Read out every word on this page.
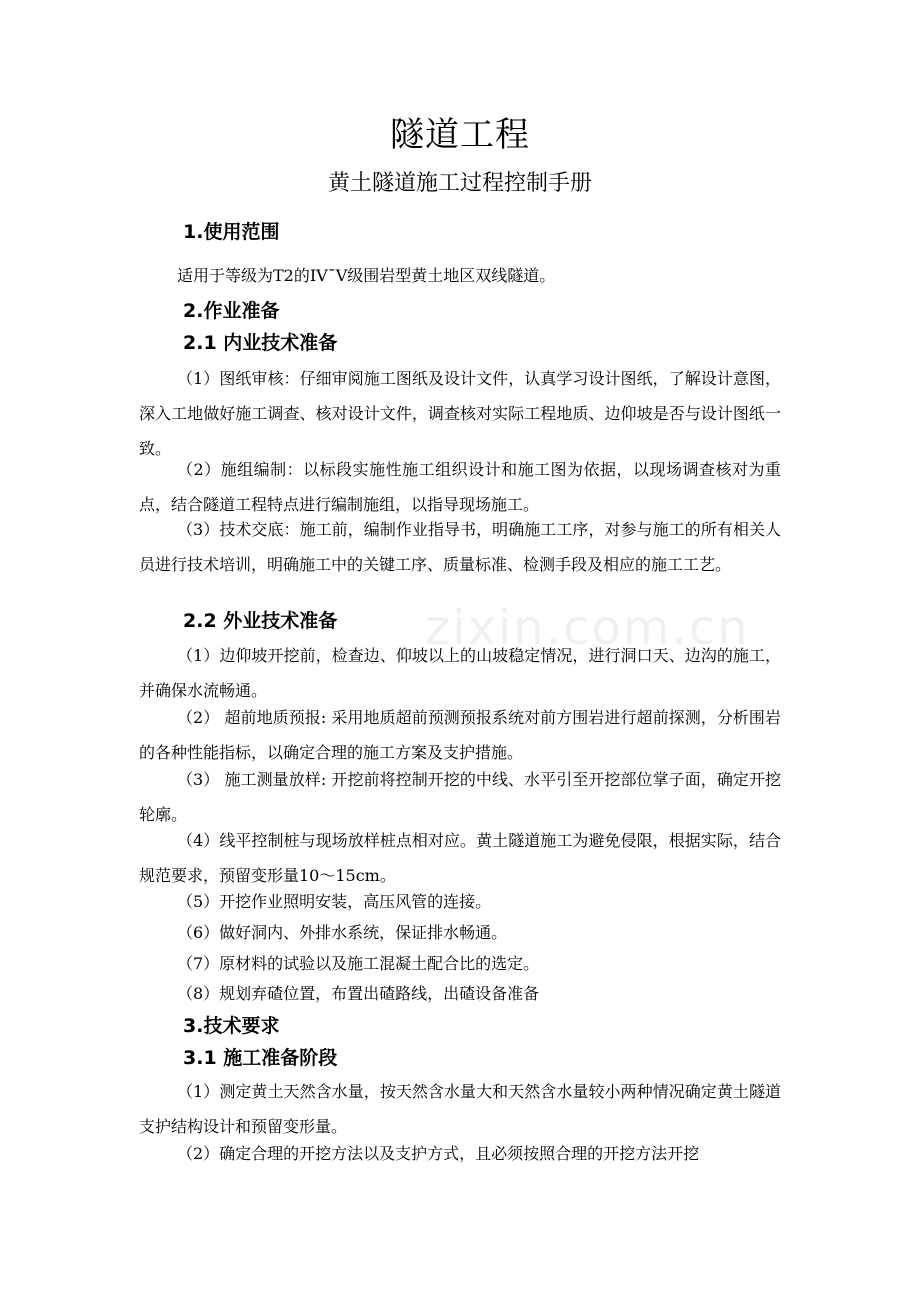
隧道工程
黄土隧道施工过程控制手册
1.使用范围

适用于等级为T2的IV¯V级围岩型黄土地区双线隧道。

2.作业准备
2.1 内业技术准备

（1）图纸审核：仔细审阅施工图纸及设计文件，认真学习设计图纸，了解设计意图，深入工地做好施工调查、核对设计文件，调查核对实际工程地质、边仰坡是否与设计图纸一致。

（2）施组编制：以标段实施性施工组织设计和施工图为依据，以现场调查核对为重点，结合隧道工程特点进行编制施组，以指导现场施工。

（3）技术交底：施工前，编制作业指导书，明确施工工序，对参与施工的所有相关人员进行技术培训，明确施工中的关键工序、质量标准、检测手段及相应的施工工艺。

2.2 外业技术准备

（1）边仰坡开挖前，检查边、仰坡以上的山坡稳定情况，进行洞口天、边沟的施工，并确保水流畅通。

（2） 超前地质预报: 采用地质超前预测预报系统对前方围岩进行超前探测，分析围岩的各种性能指标，以确定合理的施工方案及支护措施。

（3） 施工测量放样: 开挖前将控制开挖的中线、水平引至开挖部位掌子面，确定开挖轮廓。

（4）线平控制桩与现场放样桩点相对应。黄土隧道施工为避免侵限，根据实际，结合规范要求，预留变形量10～15cm。

（5）开挖作业照明安装，高压风管的连接。

（6）做好洞内、外排水系统，保证排水畅通。

（7）原材料的试验以及施工混凝土配合比的选定。

（8）规划弃碴位置，布置出碴路线，出碴设备准备

3.技术要求
3.1 施工准备阶段

（1）测定黄土天然含水量，按天然含水量大和天然含水量较小两种情况确定黄土隧道支护结构设计和预留变形量。

（2）确定合理的开挖方法以及支护方式，且必须按照合理的开挖方法开挖

zixin.com.cn
